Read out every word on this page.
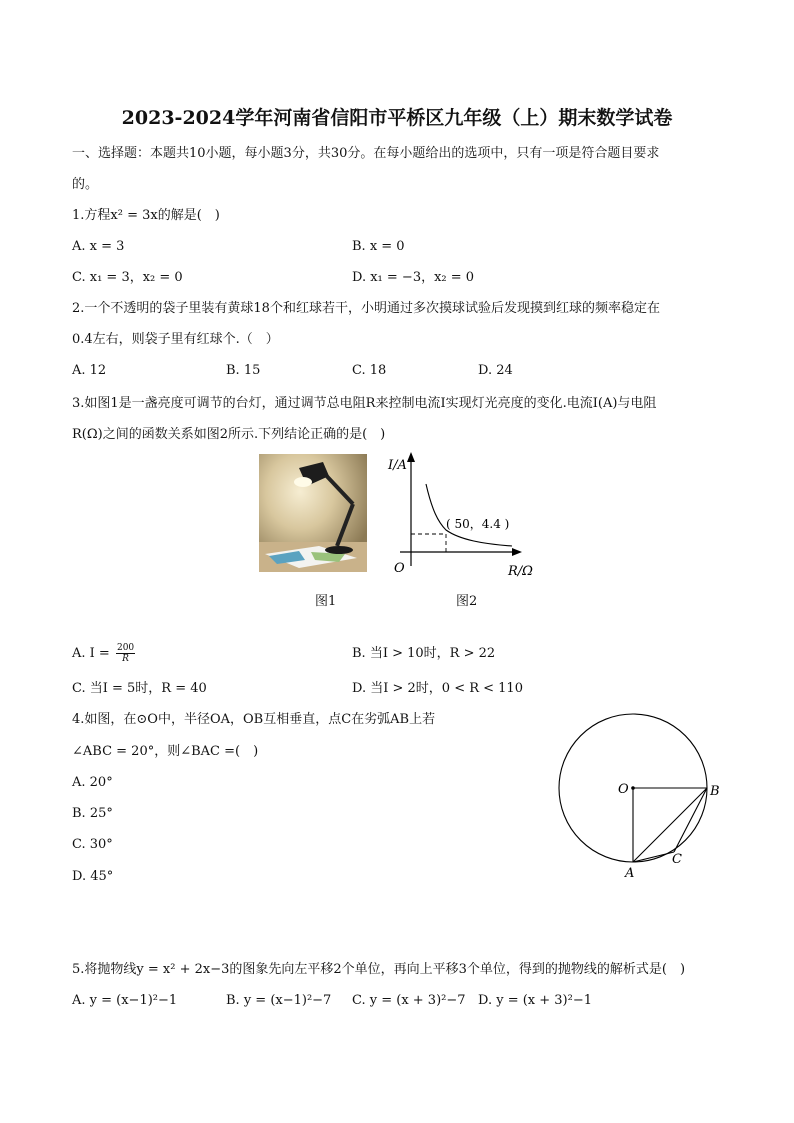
2023-2024学年河南省信阳市平桥区九年级（上）期末数学试卷
一、选择题：本题共10小题，每小题3分，共30分。在每小题给出的选项中，只有一项是符合题目要求
的。
1.方程x² = 3x的解是(　)
A. x = 3	B. x = 0
C. x₁ = 3，x₂ = 0	D. x₁ = −3，x₂ = 0
2.一个不透明的袋子里装有黄球18个和红球若干，小明通过多次摸球试验后发现摸到红球的频率稳定在
0.4左右，则袋子里有红球个.（　）
A. 12	B. 15	C. 18	D. 24
3.如图1是一盏亮度可调节的台灯，通过调节总电阻R来控制电流I实现灯光亮度的变化.电流I(A)与电阻
R(Ω)之间的函数关系如图2所示.下列结论正确的是(　)
图1
I/A
O	R/Ω
( 50，4.4 )
图2
A. $I = \frac{200}{R}$	B. 当I > 10时，R > 22
C. 当I = 5时，R = 40	D. 当I > 2时，0 < R < 110
4.如图，在⊙O中，半径OA，OB互相垂直，点C在劣弧AB上若
∠ABC = 20°，则∠BAC =(　)
A. 20°
B. 25°
C. 30°
D. 45°
O	B
C
A
5.将抛物线y = x² + 2x−3的图象先向左平移2个单位，再向上平移3个单位，得到的抛物线的解析式是(　)
A. y = (x−1)²−1	B. y = (x−1)²−7 C. y = (x + 3)²−7 D. y = (x + 3)²−1
